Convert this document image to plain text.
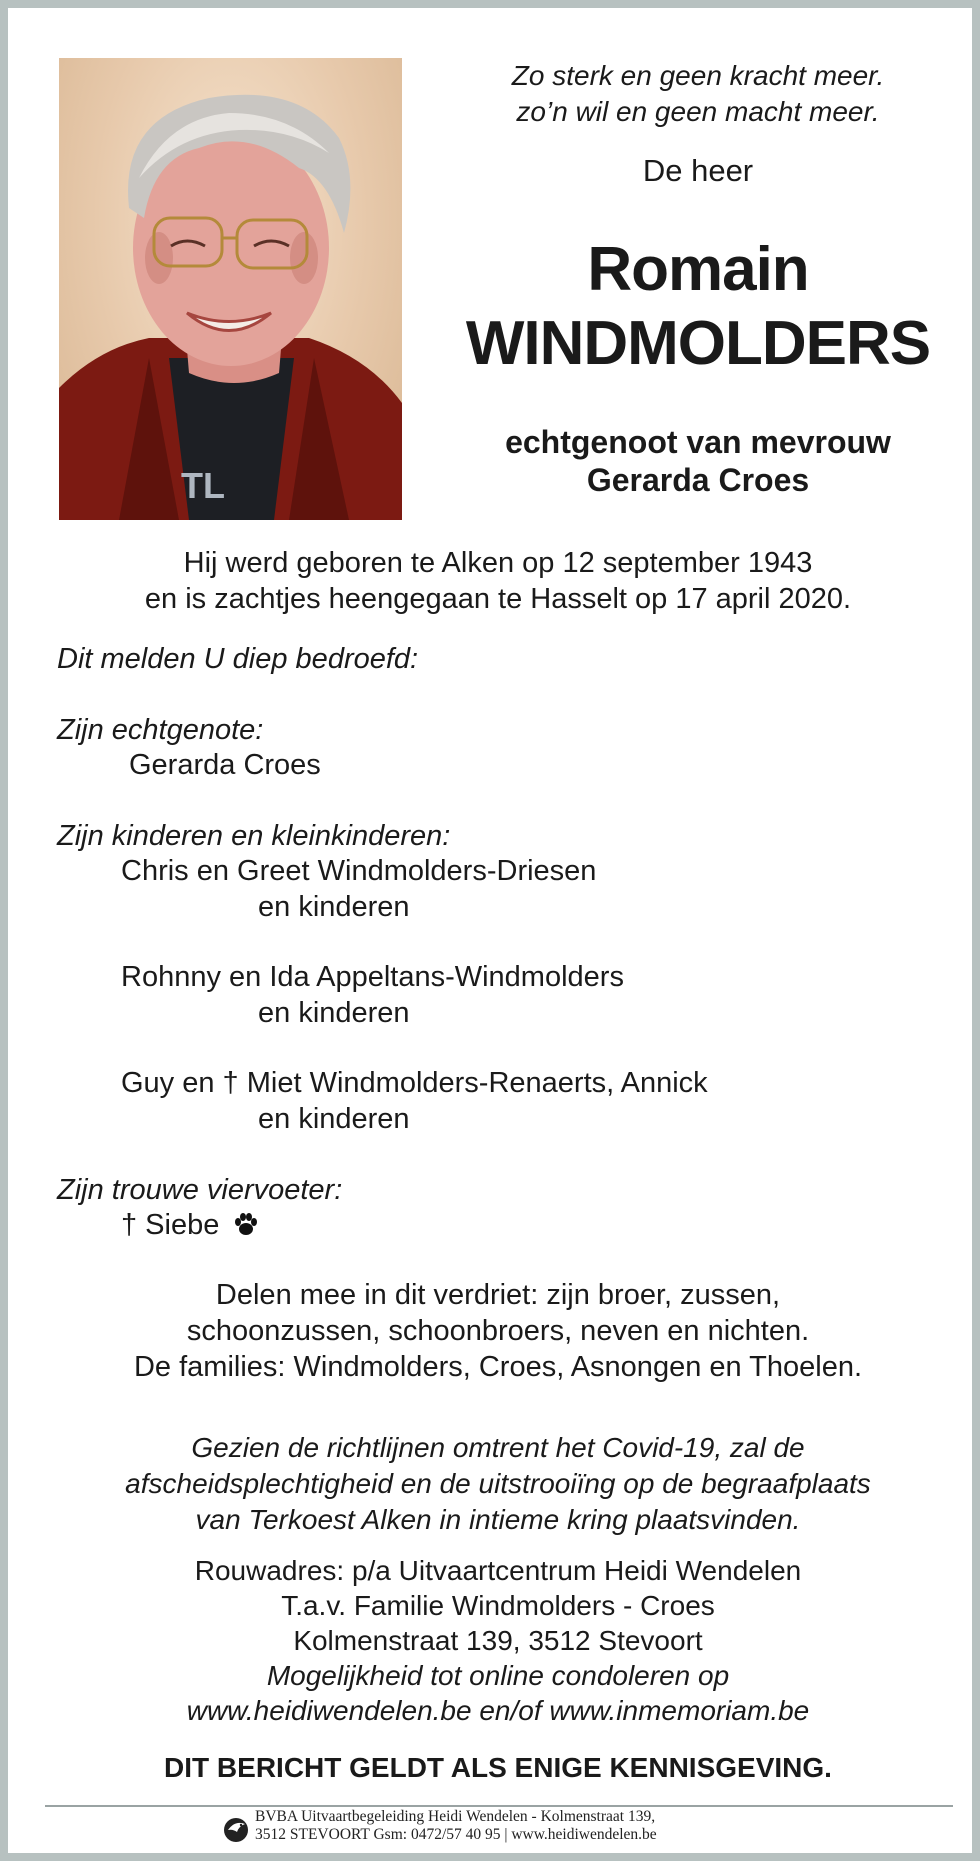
TL
Zo sterk en geen kracht meer.
zo’n wil en geen macht meer.
De heer
Romain
WINDMOLDERS
echtgenoot van mevrouw
Gerarda Croes
Hij werd geboren te Alken op 12 september 1943
en is zachtjes heengegaan te Hasselt op 17 april 2020.
Dit melden U diep bedroefd:
Zijn echtgenote:
Gerarda Croes
Zijn kinderen en kleinkinderen:
Chris en Greet Windmolders-Driesen
en kinderen
Rohnny en Ida Appeltans-Windmolders
en kinderen
Guy en † Miet Windmolders-Renaerts, Annick
en kinderen
Zijn trouwe viervoeter:
† Siebe
Delen mee in dit verdriet: zijn broer, zussen,
schoonzussen, schoonbroers, neven en nichten.
De families: Windmolders, Croes, Asnongen en Thoelen.
Gezien de richtlijnen omtrent het Covid-19, zal de
afscheidsplechtigheid en de uitstrooiïng op de begraafplaats
van Terkoest Alken in intieme kring plaatsvinden.
Rouwadres: p/a Uitvaartcentrum Heidi Wendelen
T.a.v. Familie Windmolders - Croes
Kolmenstraat 139, 3512 Stevoort
Mogelijkheid tot online condoleren op
www.heidiwendelen.be en/of www.inmemoriam.be
DIT BERICHT GELDT ALS ENIGE KENNISGEVING.
BVBA Uitvaartbegeleiding Heidi Wendelen - Kolmenstraat 139,
3512 STEVOORT Gsm: 0472/57 40 95 | www.heidiwendelen.be
